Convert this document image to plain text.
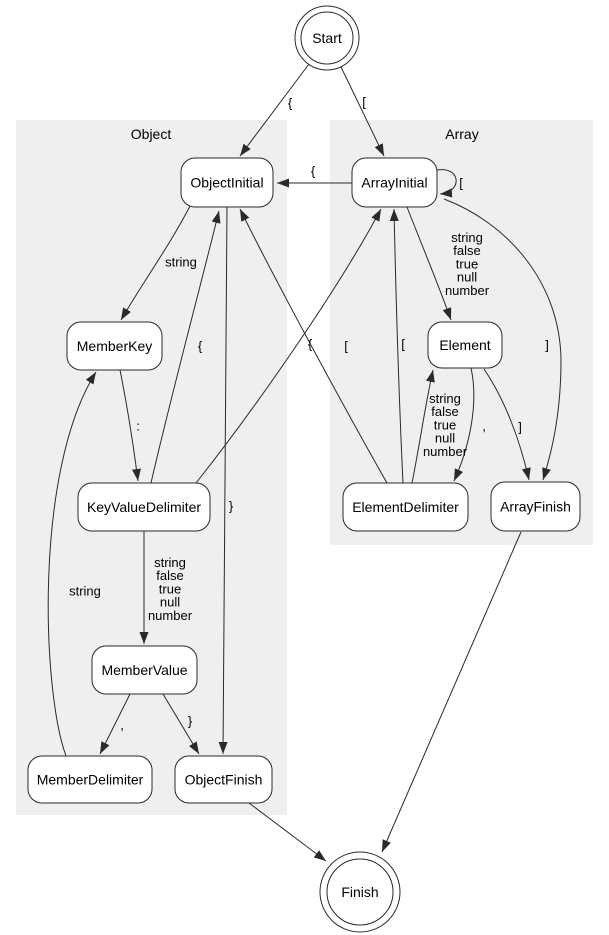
Object	Array
{	[
{
string
:
{	[
string false true null number
,	}
string
}
[
string false true null number
]
,
string false true null number
]
[
{
Start
ObjectInitial	ArrayInitial
MemberKey	Element
KeyValueDelimiter	ElementDelimiter	ArrayFinish
MemberValue
MemberDelimiter	ObjectFinish
Finish
